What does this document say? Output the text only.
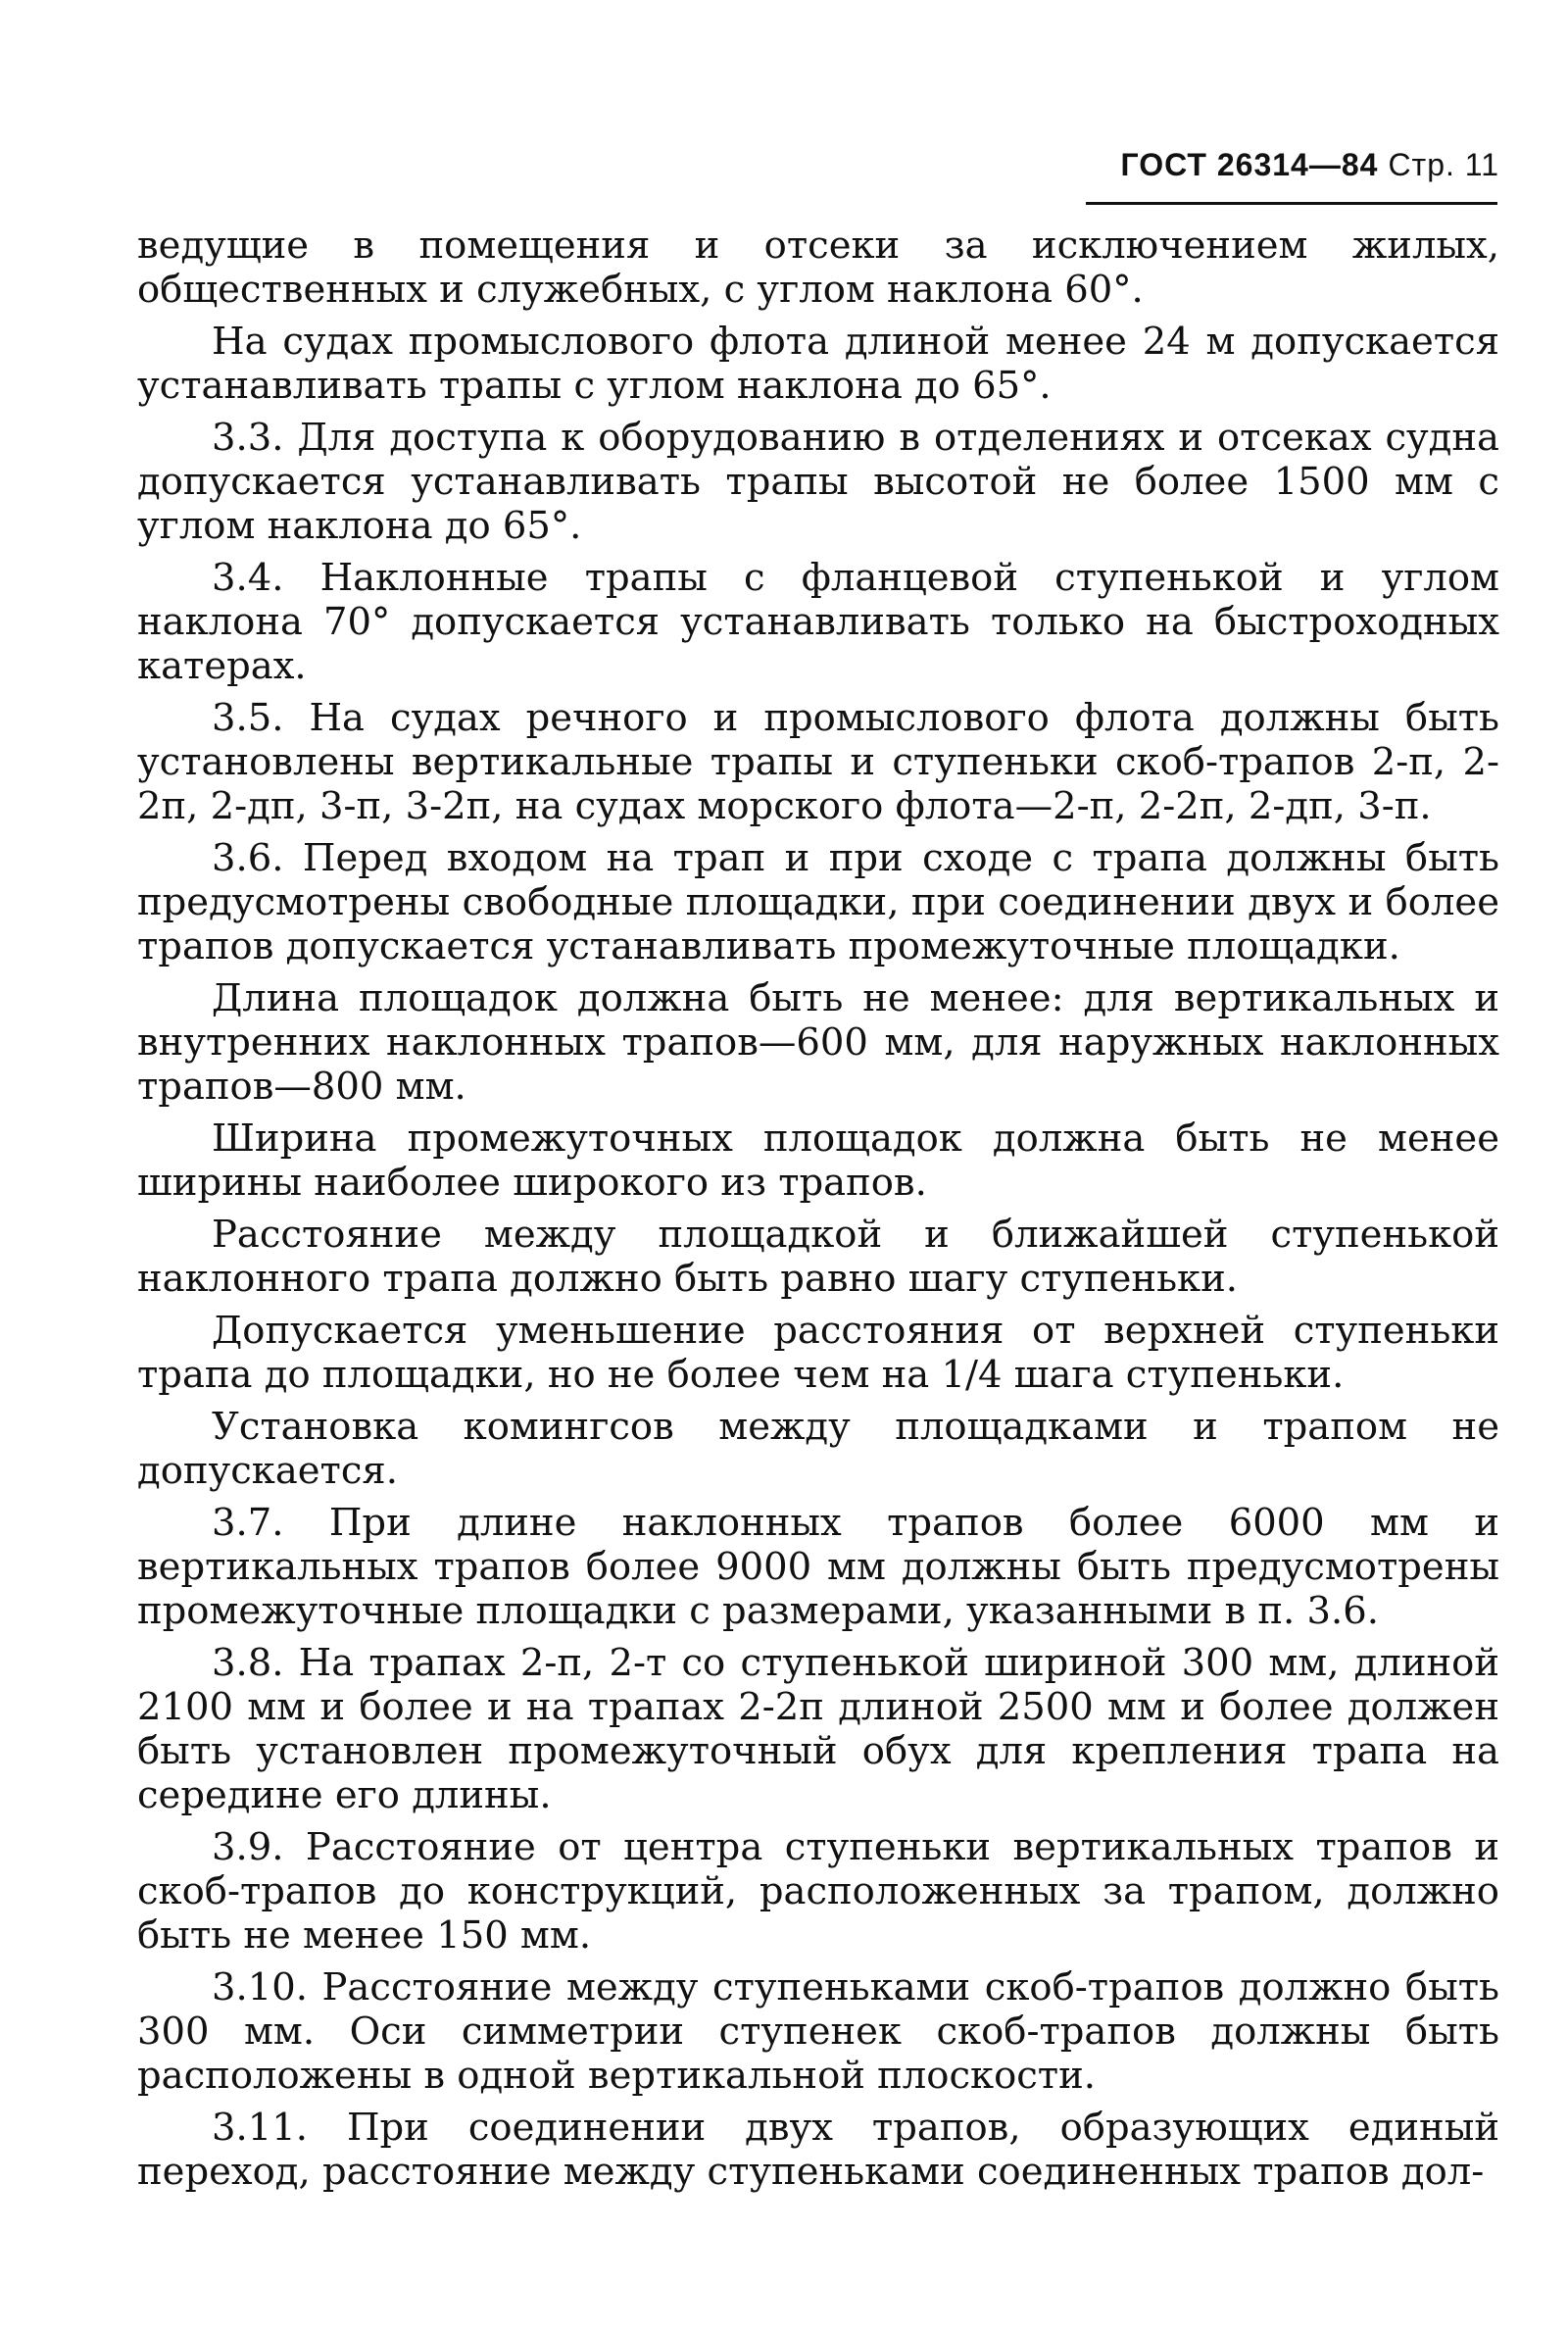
ГОСТ 26314—84 Стр. 11

ведущие в помещения и отсеки за исключением жилых, общественных и служебных, с углом наклона 60°.

На судах промыслового флота длиной менее 24 м допускается устанавливать трапы с углом наклона до 65°.

3.3. Для доступа к оборудованию в отделениях и отсеках судна допускается устанавливать трапы высотой не более 1500 мм с углом наклона до 65°.

3.4. Наклонные трапы с фланцевой ступенькой и углом наклона 70° допускается устанавливать только на быстроходных катерах.

3.5. На судах речного и промыслового флота должны быть установлены вертикальные трапы и ступеньки скоб-трапов 2-п, 2-2п, 2-дп, 3-п, 3-2п, на судах морского флота—2-п, 2-2п, 2-дп, 3-п.

3.6. Перед входом на трап и при сходе с трапа должны быть предусмотрены свободные площадки, при соединении двух и более трапов допускается устанавливать промежуточные площадки.

Длина площадок должна быть не менее: для вертикальных и внутренних наклонных трапов—600 мм, для наружных наклонных трапов—800 мм.

Ширина промежуточных площадок должна быть не менее ширины наиболее широкого из трапов.

Расстояние между площадкой и ближайшей ступенькой наклонного трапа должно быть равно шагу ступеньки.

Допускается уменьшение расстояния от верхней ступеньки трапа до площадки, но не более чем на 1/4 шага ступеньки.

Установка комингсов между площадками и трапом не допускается.

3.7. При длине наклонных трапов более 6000 мм и вертикальных трапов более 9000 мм должны быть предусмотрены промежуточные площадки с размерами, указанными в п. 3.6.

3.8. На трапах 2-п, 2-т со ступенькой шириной 300 мм, длиной 2100 мм и более и на трапах 2-2п длиной 2500 мм и более должен быть установлен промежуточный обух для крепления трапа на середине его длины.

3.9. Расстояние от центра ступеньки вертикальных трапов и скоб-трапов до конструкций, расположенных за трапом, должно быть не менее 150 мм.

3.10. Расстояние между ступеньками скоб-трапов должно быть 300 мм. Оси симметрии ступенек скоб-трапов должны быть расположены в одной вертикальной плоскости.

3.11. При соединении двух трапов, образующих единый переход, расстояние между ступеньками соединенных трапов дол-
